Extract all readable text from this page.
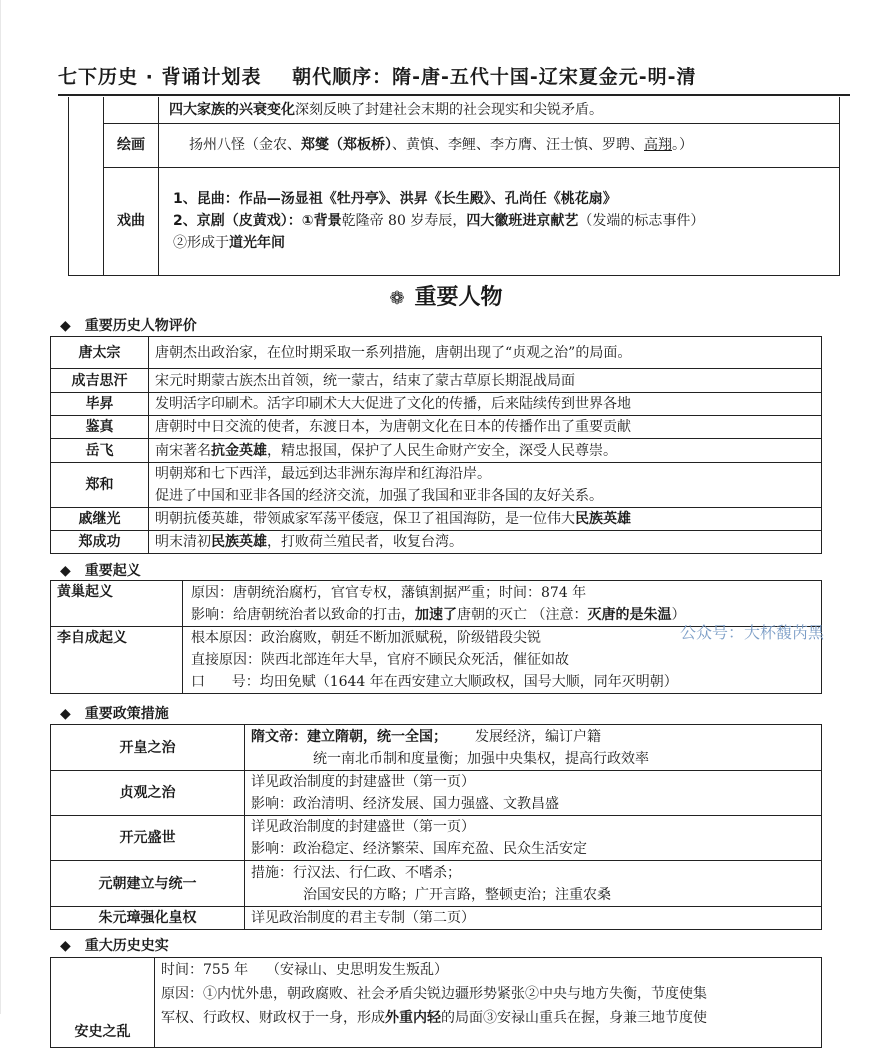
七下历史 · 背诵计划表 朝代顺序：隋-唐-五代十国-辽宋夏金元-明-清
		四大家族的兴衰变化深刻反映了封建社会末期的社会现实和尖锐矛盾。
	绘画	扬州八怪（金农、郑燮（郑板桥）、黄慎、李鲤、李方膺、汪士慎、罗聘、高翔。）
	戏曲	1、昆曲：作品—汤显祖《牡丹亭》、洪昇《长生殿》、孔尚任《桃花扇》
2、京剧（皮黄戏）：①背景乾隆帝 80 岁寿辰，四大徽班进京献艺（发端的标志事件）
②形成于道光年间
❁ 重要人物
◆ 重要历史人物评价
唐太宗	唐朝杰出政治家，在位时期采取一系列措施，唐朝出现了“贞观之治”的局面。
成吉思汗	宋元时期蒙古族杰出首领，统一蒙古，结束了蒙古草原长期混战局面
毕昇	发明活字印刷术。活字印刷术大大促进了文化的传播，后来陆续传到世界各地
鉴真	唐朝时中日交流的使者，东渡日本，为唐朝文化在日本的传播作出了重要贡献
岳飞	南宋著名抗金英雄，精忠报国，保护了人民生命财产安全，深受人民尊崇。
郑和	明朝郑和七下西洋，最远到达非洲东海岸和红海沿岸。
促进了中国和亚非各国的经济交流，加强了我国和亚非各国的友好关系。

戚继光	明朝抗倭英雄，带领戚家军荡平倭寇，保卫了祖国海防，是一位伟大民族英雄
郑成功	明末清初民族英雄，打败荷兰殖民者，收复台湾。
◆ 重要起义
黄巢起义	原因：唐朝统治腐朽，官官专权，藩镇割据严重；时间：874 年
影响：给唐朝统治者以致命的打击，加速了唐朝的灭亡 （注意：灭唐的是朱温）

李自成起义	根本原因：政治腐败，朝廷不断加派赋税，阶级错段尖锐
直接原因：陕西北部连年大旱，官府不顾民众死活，催征如故
口      号：均田免赋（1644 年在西安建立大顺政权，国号大顺，同年灭明朝）
公众号：大杯馥芮黑
◆ 重要政策措施
开皇之治	隋文帝：建立隋朝，统一全国； 发展经济，编订户籍
统一南北币制和度量衡；加强中央集权，提高行政效率

贞观之治	详见政治制度的封建盛世（第一页）
影响：政治清明、经济发展、国力强盛、文教昌盛

开元盛世	详见政治制度的封建盛世（第一页）
影响：政治稳定、经济繁荣、国库充盈、民众生活安定

元朝建立与统一	措施：行汉法、行仁政、不嗜杀；
治国安民的方略；广开言路，整顿吏治；注重农桑

朱元璋强化皇权	详见政治制度的君主专制（第二页）
◆ 重大历史史实
安史之乱	
时间：755 年    （安禄山、史思明发生叛乱）
原因：①内忧外患，朝政腐败、社会矛盾尖锐边疆形势紧张②中央与地方失衡，节度使集
军权、行政权、财政权于一身，形成外重内轻的局面③安禄山重兵在握，身兼三地节度使
